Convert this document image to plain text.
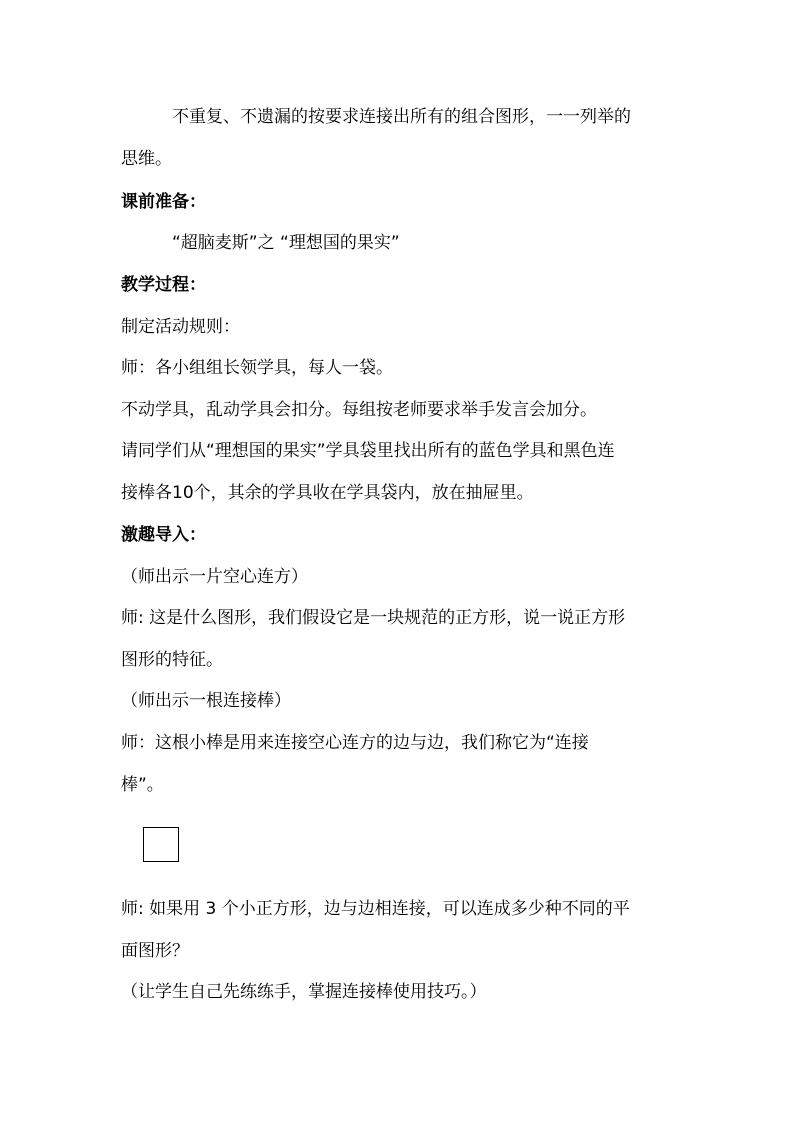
不重复、不遗漏的按要求连接出所有的组合图形，一一列举的
思维。
课前准备：
“超脑麦斯”之 “理想国的果实”
教学过程：
制定活动规则：
师：各小组组长领学具，每人一袋。
不动学具，乱动学具会扣分。每组按老师要求举手发言会加分。
请同学们从“理想国的果实”学具袋里找出所有的蓝色学具和黑色连
接棒各10个，其余的学具收在学具袋内，放在抽屉里。
激趣导入：
（师出示一片空心连方）
师: 这是什么图形，我们假设它是一块规范的正方形，说一说正方形
图形的特征。
（师出示一根连接棒）
师：这根小棒是用来连接空心连方的边与边，我们称它为“连接
棒”。
师: 如果用 3 个小正方形，边与边相连接，可以连成多少种不同的平
面图形？
（让学生自己先练练手，掌握连接棒使用技巧。）
